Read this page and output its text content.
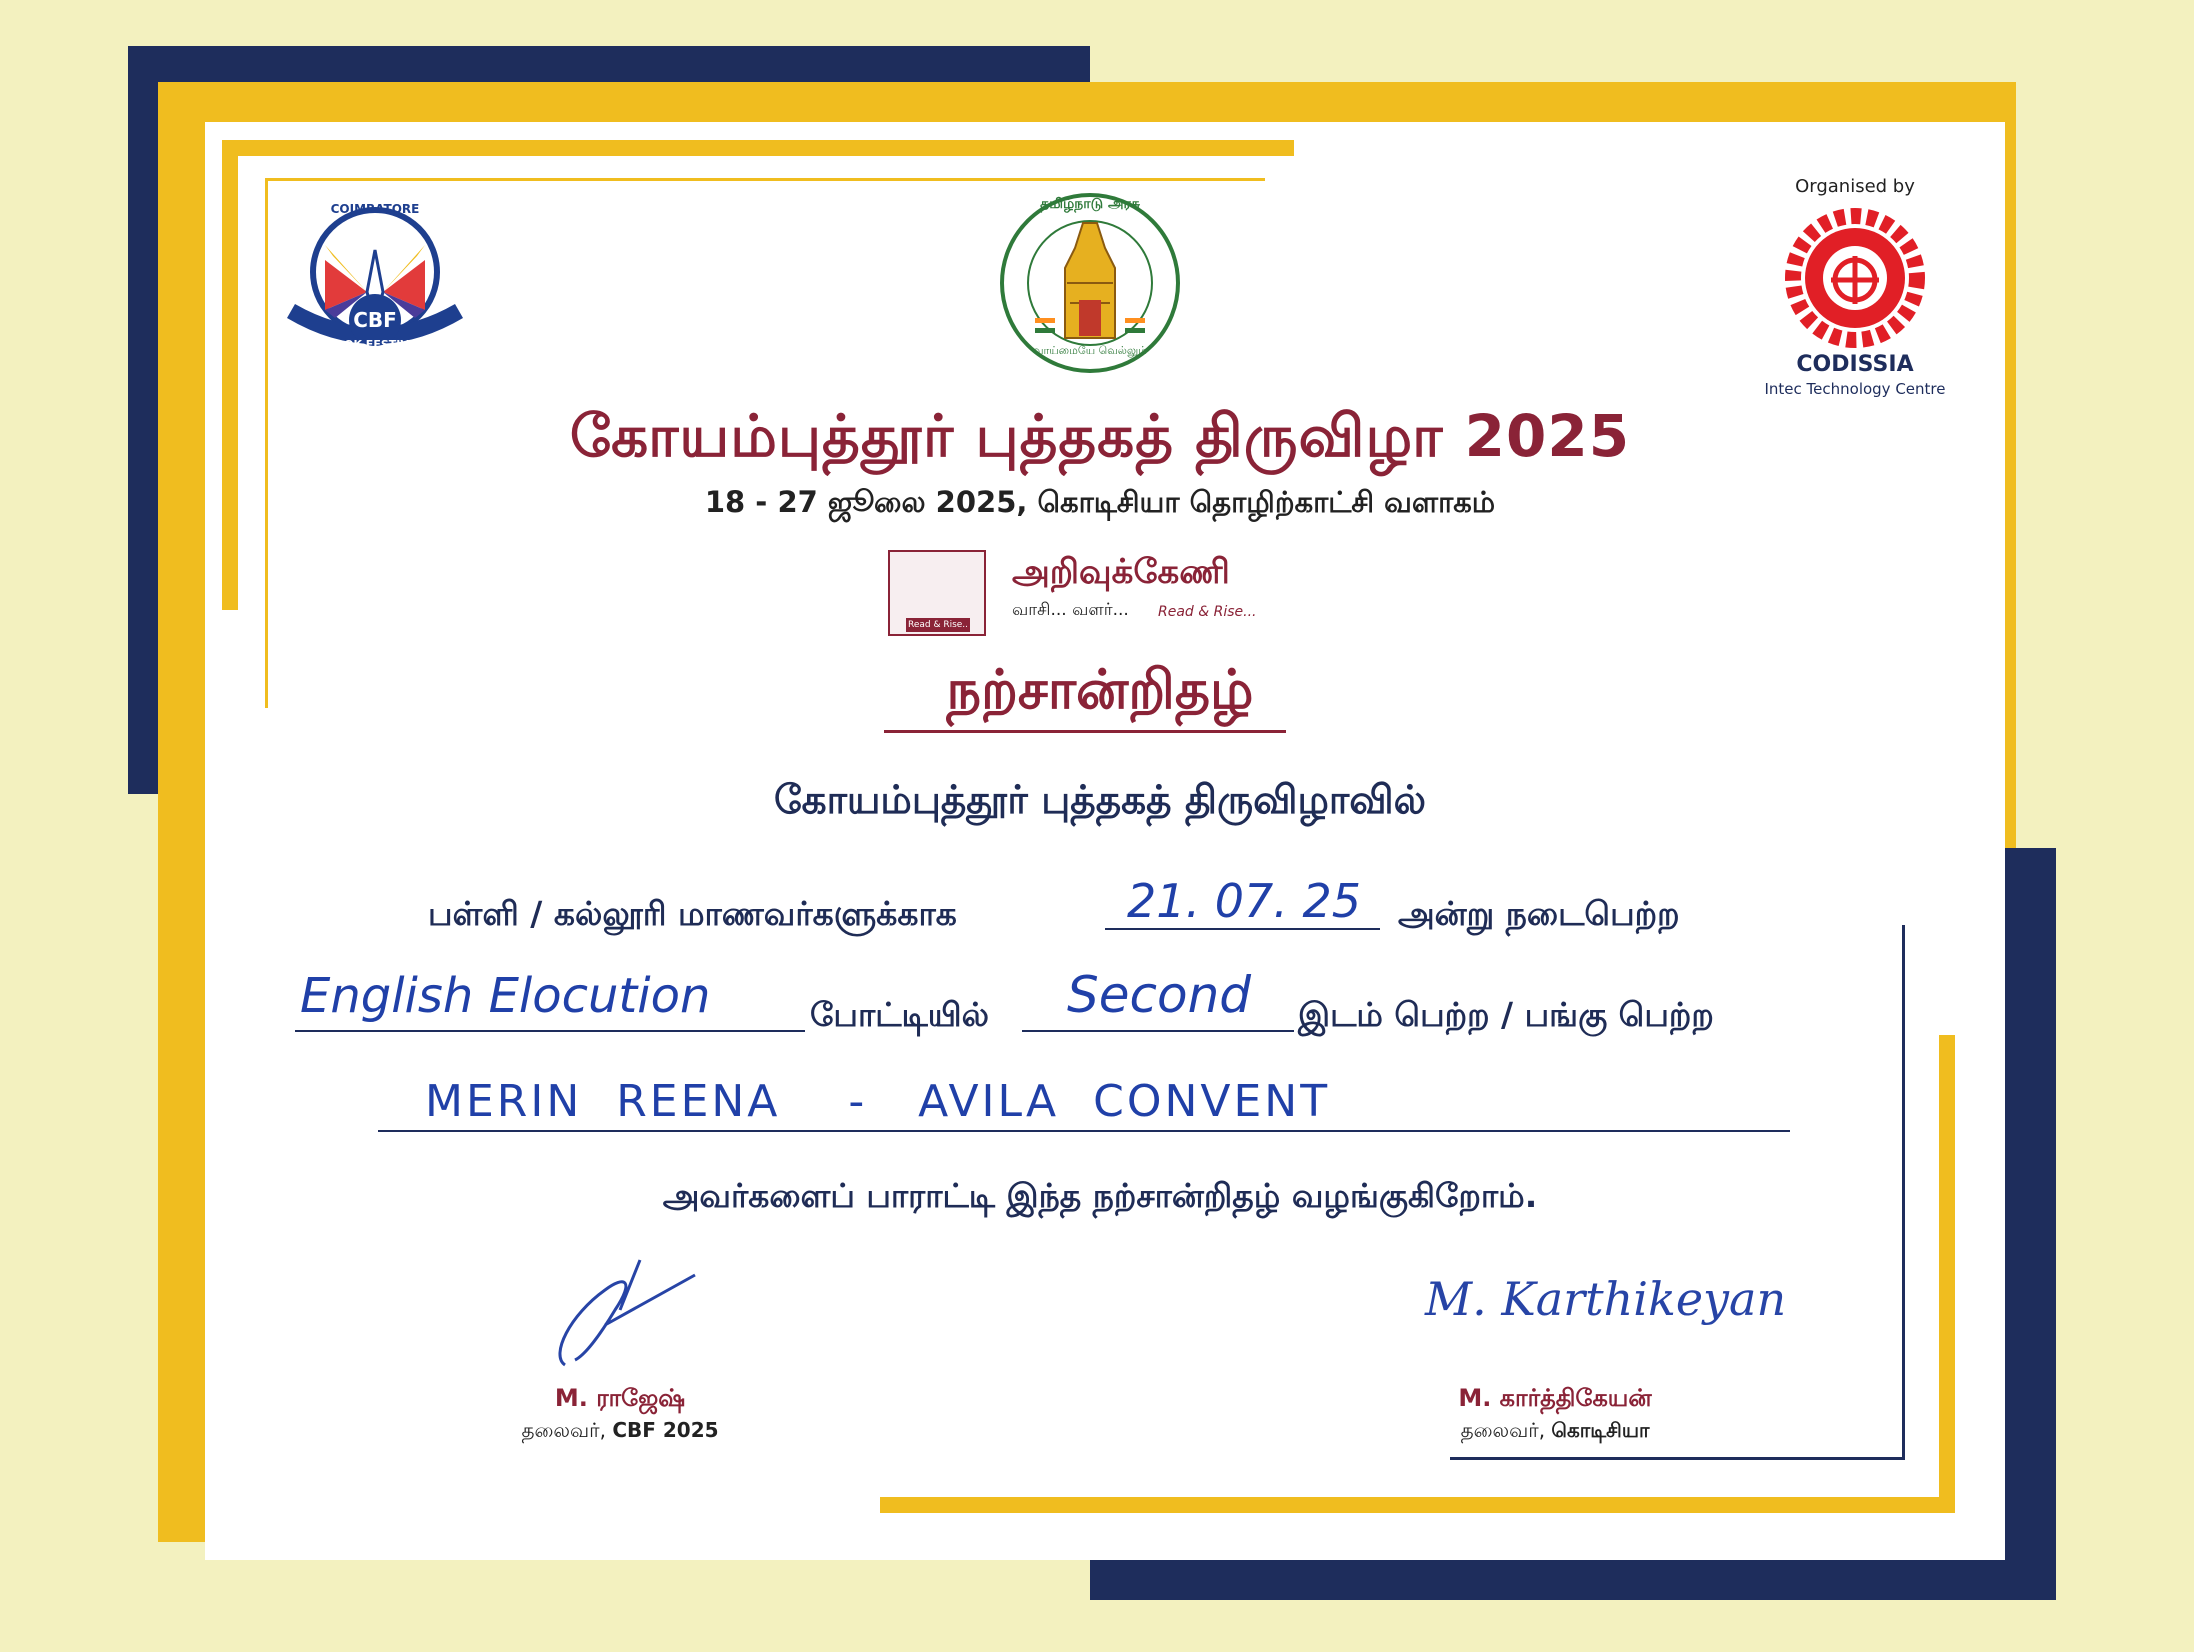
COIMBATORE
CBF
BOOK FESTIVAL
தமிழ்நாடு அரசு
வாய்மையே வெல்லும்
Organised by
CODISSIA
Intec Technology Centre
கோயம்புத்தூர் புத்தகத் திருவிழா 2025
18 - 27 ஜூலை 2025, கொடிசியா தொழிற்காட்சி வளாகம்
Read & Rise..
அறிவுக்கேணி
வாசி... வளர்... Read & Rise...
நற்சான்றிதழ்
கோயம்புத்தூர் புத்தகத் திருவிழாவில்
பள்ளி / கல்லூரி மாணவர்களுக்காக	21. 07. 25	அன்று நடைபெற்ற
English Elocution	போட்டியில்	Second	இடம் பெற்ற / பங்கு பெற்ற
MERIN  REENA    -   AVILA  CONVENT
அவர்களைப் பாராட்டி இந்த நற்சான்றிதழ் வழங்குகிறோம்.
M. Karthikeyan
M. ராஜேஷ்
தலைவர், CBF 2025
M. கார்த்திகேயன்
தலைவர், கொடிசியா
